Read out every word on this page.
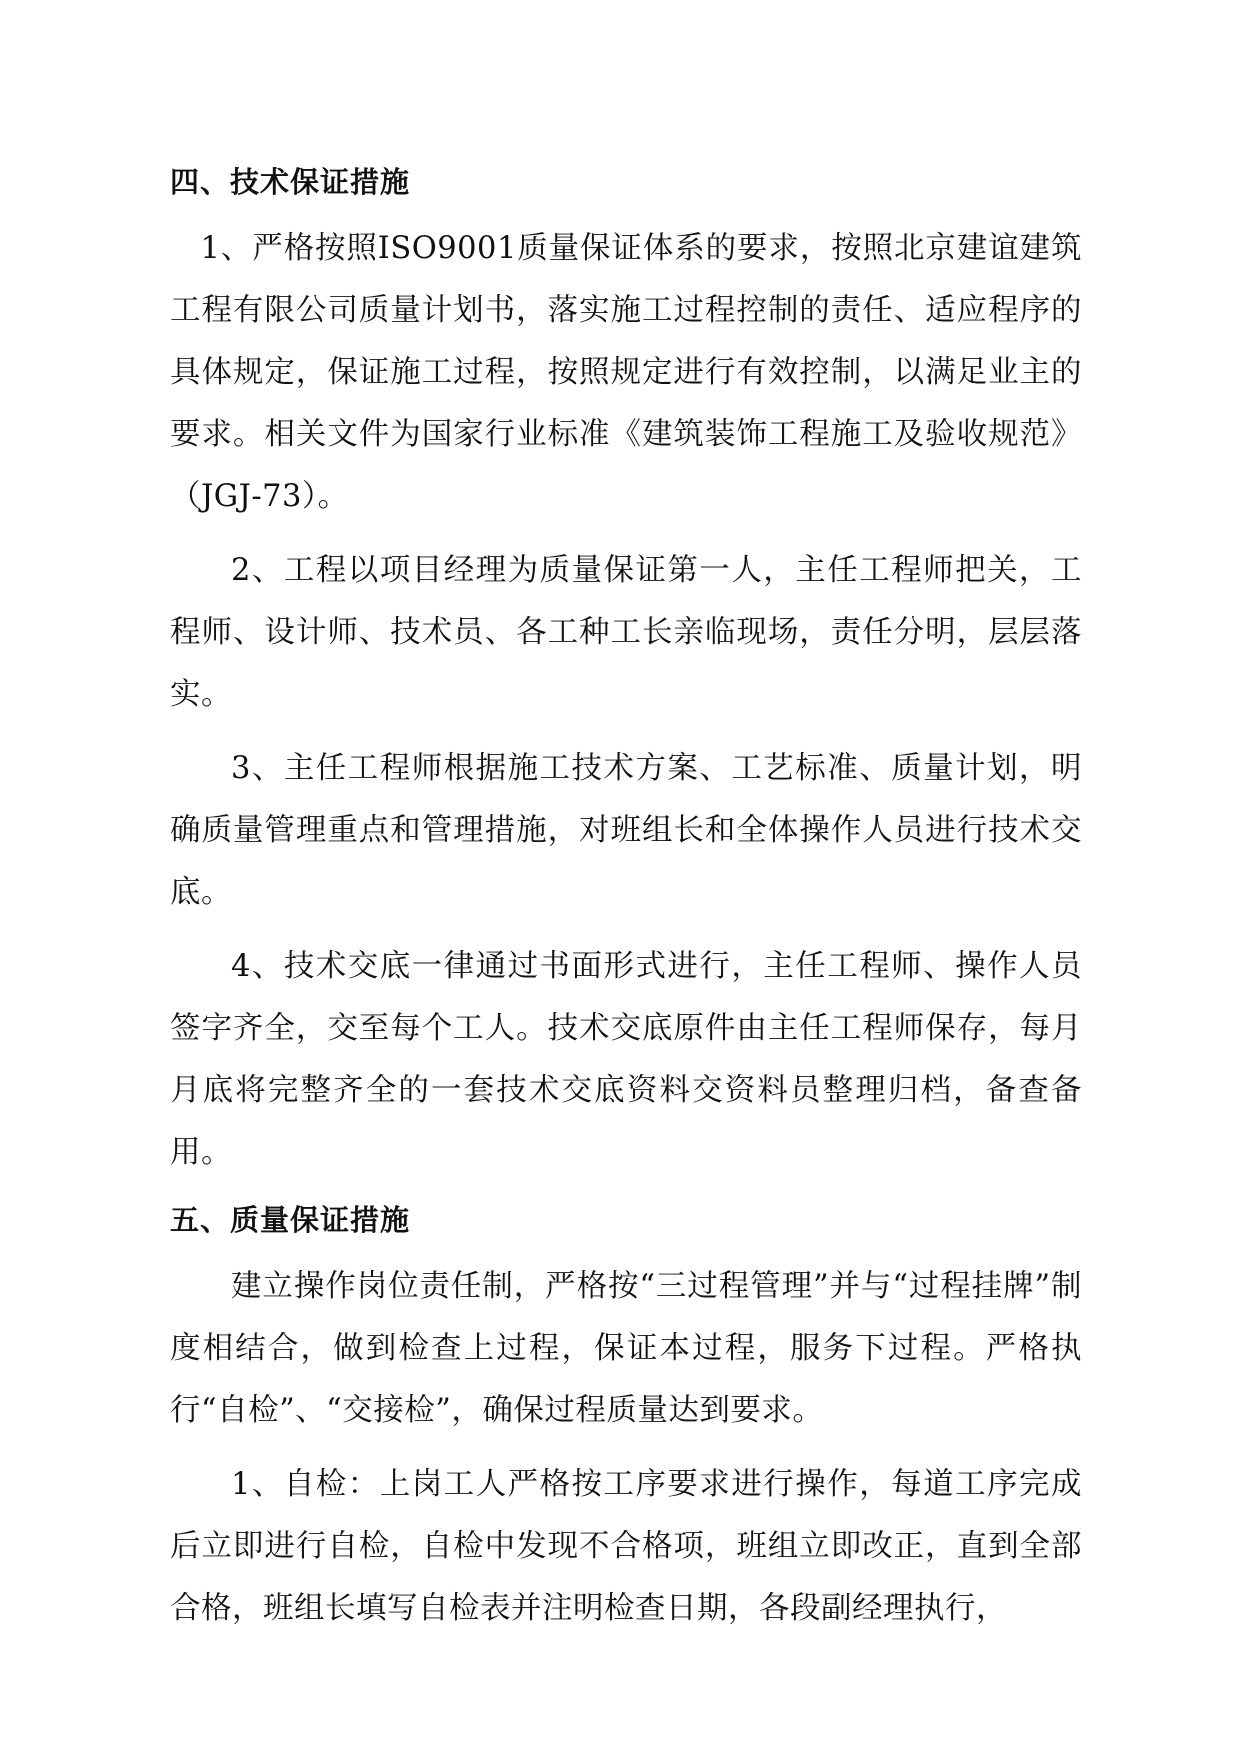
四、技术保证措施

1、严格按照ISO9001质量保证体系的要求，按照北京建谊建筑工程有限公司质量计划书，落实施工过程控制的责任、适应程序的具体规定，保证施工过程，按照规定进行有效控制，以满足业主的要求。相关文件为国家行业标准《建筑装饰工程施工及验收规范》（JGJ-73）。

2、工程以项目经理为质量保证第一人，主任工程师把关，工程师、设计师、技术员、各工种工长亲临现场，责任分明，层层落实。

3、主任工程师根据施工技术方案、工艺标准、质量计划，明确质量管理重点和管理措施，对班组长和全体操作人员进行技术交底。

4、技术交底一律通过书面形式进行，主任工程师、操作人员签字齐全，交至每个工人。技术交底原件由主任工程师保存，每月月底将完整齐全的一套技术交底资料交资料员整理归档，备查备用。

五、质量保证措施

建立操作岗位责任制，严格按“三过程管理”并与“过程挂牌”制度相结合，做到检查上过程，保证本过程，服务下过程。严格执行“自检”、“交接检”，确保过程质量达到要求。

1、自检：上岗工人严格按工序要求进行操作，每道工序完成后立即进行自检，自检中发现不合格项，班组立即改正，直到全部合格，班组长填写自检表并注明检查日期，各段副经理执行，
